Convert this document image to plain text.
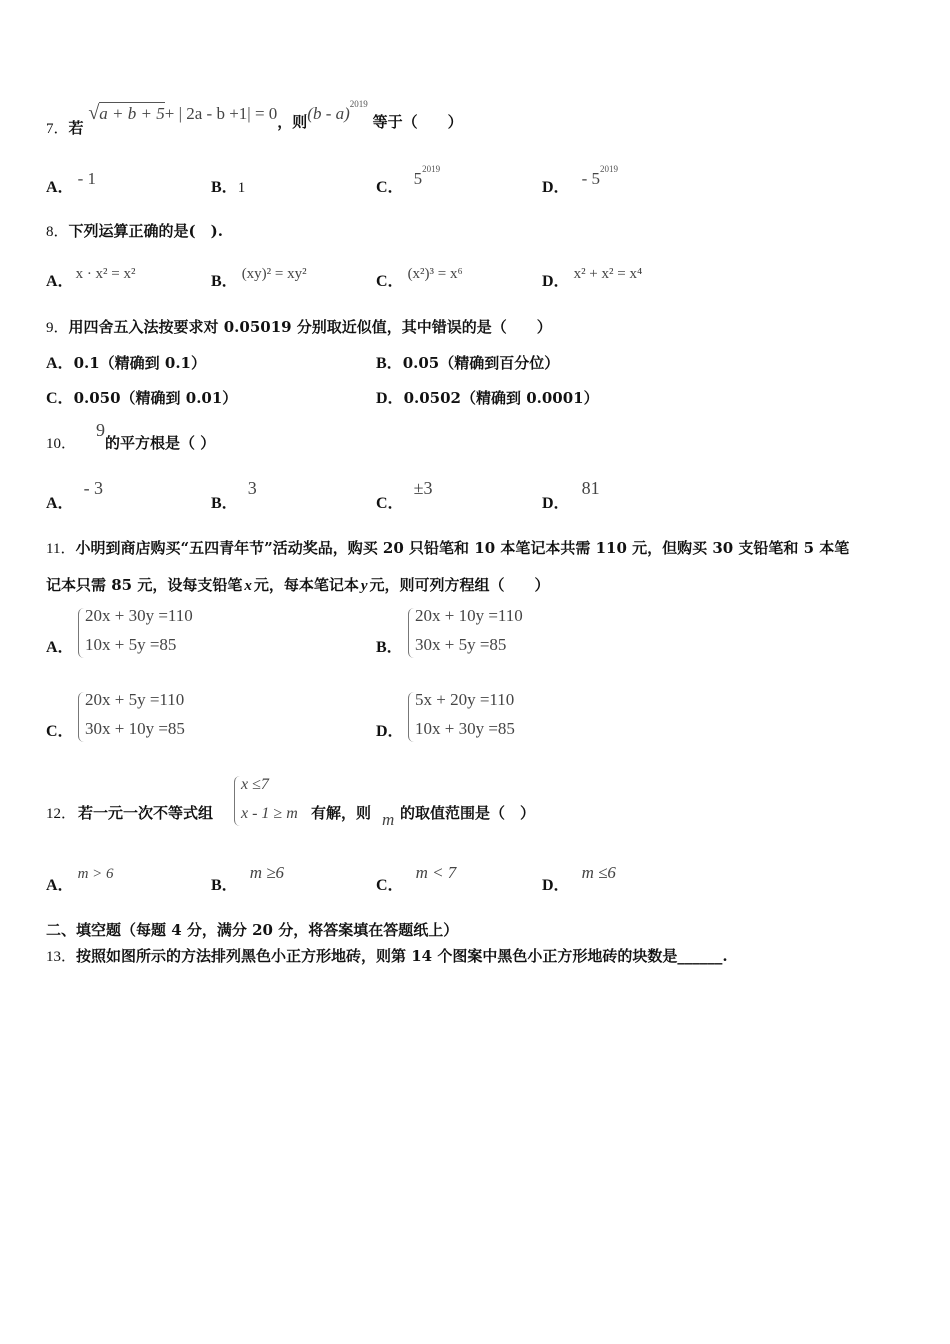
7．若 √a + b + 5+ | 2a - b +1| = 0，则(b - a)$^{2019}$ 等于（　　）
A． - 1	B．1	C． $5^{2019}$
D． - $5^{2019}$
8．下列运算正确的是(　).
A． x · x² = x²	B． (xy)² = xy²	C． (x²)³ = x⁶	D． x² + x² = x⁴
9．用四舍五入法按要求对 0.05019 分别取近似值，其中错误的是（　　）
A．0.1（精确到 0.1）	B．0.05（精确到百分位）
C．0.050（精确到 0.01）	D．0.0502（精确到 0.0001）
10．9的平方根是（ ）
A．- 3
B．3
C．±3
D．81
11．小明到商店购买“五四青年节”活动奖品，购买 20 只铅笔和 10 本笔记本共需 110 元，但购买 30 支铅笔和 5 本笔
记本只需 85 元，设每支铅笔 x 元，每本笔记本 y 元，则可列方程组（　　）
A．
20x + 30y =110
10x + 5y =85	B．
20x + 10y =110
30x + 5y =85
C．
20x + 5y =110
30x + 10y =85	D．
5x + 20y =110
10x + 30y =85
12． 若一元一次不等式组
x ≤7
x - 1 ≥ m 有解，则 m 的取值范围是（　）
A．m > 6
B．m ≥6
C．m < 7
D．m ≤6
二、填空题（每题 4 分，满分 20 分，将答案填在答题纸上）
13．按照如图所示的方法排列黑色小正方形地砖，则第 14 个图案中黑色小正方形地砖的块数是______.
